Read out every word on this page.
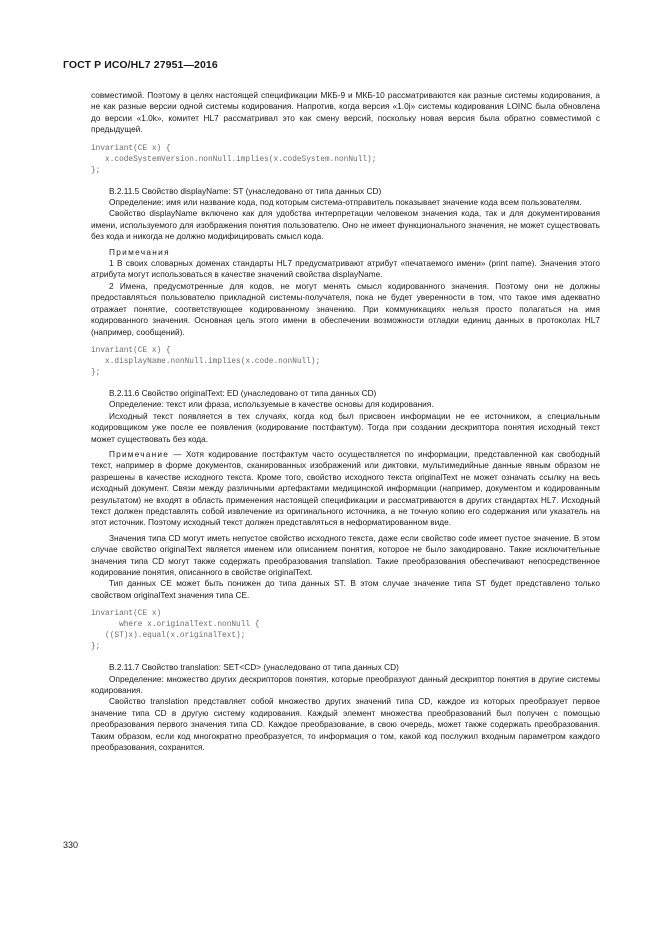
ГОСТ Р ИСО/HL7 27951—2016

совместимой. Поэтому в целях настоящей спецификации МКБ-9 и МКБ-10 рассматриваются как разные системы кодирования, а не как разные версии одной системы кодирования. Напротив, когда версия «1.0j» системы кодирования LOINC была обновлена до версии «1.0k», комитет HL7 рассматривал это как смену версий, поскольку новая версия была обратно совместимой с предыдущей.

invariant(CE x) {
x.codeSystemVersion.nonNull.implies(x.codeSystem.nonNull);
};

В.2.11.5 Свойство displayName: ST (унаследовано от типа данных CD)

Определение: имя или название кода, под которым система-отправитель показывает значение кода всем пользователям.

Свойство displayName включено как для удобства интерпретации человеком значения кода, так и для документирования имени, используемого для изображения понятия пользователю. Оно не имеет функционального значения, не может существовать без кода и никогда не должно модифицировать смысл кода.

Примечания

1 В своих словарных доменах стандарты HL7 предусматривают атрибут «печатаемого имени» (print name). Значения этого атрибута могут использоваться в качестве значений свойства displayName.

2 Имена, предусмотренные для кодов, не могут менять смысл кодированного значения. Поэтому они не должны предоставляться пользователю прикладной системы-получателя, пока не будет уверенности в том, что такое имя адекватно отражает понятие, соответствующее кодированному значению. При коммуникациях нельзя просто полагаться на имя кодированного значения. Основная цель этого имени в обеспечении возможности отладки единиц данных в протоколах HL7 (например, сообщений).

invariant(CE x) {
x.displayName.nonNull.implies(x.code.nonNull);
};

В.2.11.6 Свойство originalText: ED (унаследовано от типа данных CD)

Определение: текст или фраза, используемые в качестве основы для кодирования.

Исходный текст появляется в тех случаях, когда код был присвоен информации не ее источником, а специальным кодировщиком уже после ее появления (кодирование постфактум). Тогда при создании дескриптора понятия исходный текст может существовать без кода.

Примечание — Хотя кодирование постфактум часто осуществляется по информации, представленной как свободный текст, например в форме документов, сканированных изображений или диктовки, мультимедийные данные явным образом не разрешены в качестве исходного текста. Кроме того, свойство исходного текста originalText не может означать ссылку на весь исходный документ. Связи между различными артефактами медицинской информации (например, документом и кодированным результатом) не входят в область применения настоящей спецификации и рассматриваются в других стандартах HL7. Исходный текст должен представлять собой извлечение из оригинального источника, а не точную копию его содержания или указатель на этот источник. Поэтому исходный текст должен представляться в неформатированном виде.

Значения типа CD могут иметь непустое свойство исходного текста, даже если свойство code имеет пустое значение. В этом случае свойство originalText является именем или описанием понятия, которое не было закодировано. Такие исключительные значения типа CD могут также содержать преобразования translation. Такие преобразования обеспечивают непосредственное кодирование понятия, описанного в свойстве originalText.

Тип данных CE может быть понижен до типа данных ST. В этом случае значение типа ST будет представлено только свойством originalText значения типа CE.

invariant(CE x)
where x.originalText.nonNull {
((ST)x).equal(x.originalText);
};

В.2.11.7 Свойство translation: SET<CD> (унаследовано от типа данных CD)

Определение: множество других дескрипторов понятия, которые преобразуют данный дескриптор понятия в другие системы кодирования.

Свойство translation представляет собой множество других значений типа CD, каждое из которых преобразует первое значение типа CD в другую систему кодирования. Каждый элемент множества преобразований был получен с помощью преобразования первого значения типа CD. Каждое преобразование, в свою очередь, может также содержать преобразования. Таким образом, если код многократно преобразуется, то информация о том, какой код послужил входным параметром каждого преобразования, сохранится.

330
